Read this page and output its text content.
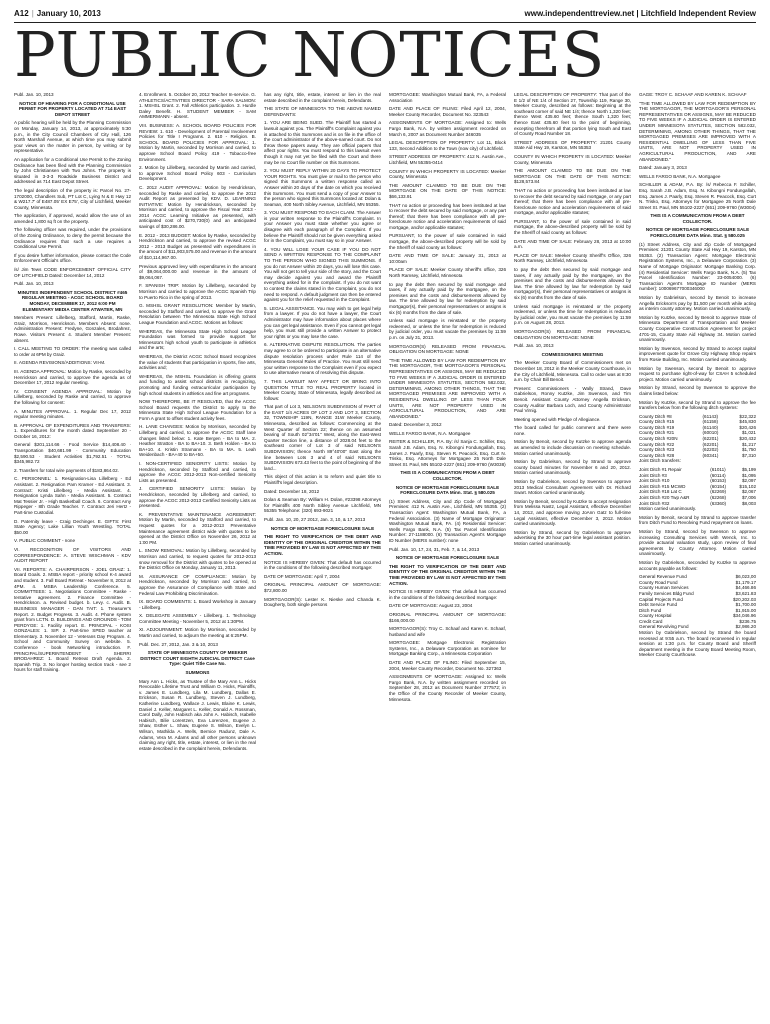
A12 | January 10, 2013	www.independenttreview.net | Litchfield Independent Review
PUBLIC NOTICES

Publ. Jan. 10, 2013

NOTICE OF HEARING FOR A CONDITIONAL USE PERMIT FOR PROPERTY LOCATED AT 714 EAST DEPOT STREET

A public hearing will be held by the Planning Commission on Monday, January 14, 2013, at approximately 5:30 p.m., in the City Council Chambers of City Hall, 126 North Marshall Avenue, at which time you may submit your views on the matter in person, by writing or by representative.

An application for a Conditional Use Permit to the Zoning Ordinance has been filed with the Planning Commission by John Christiansen with Two Johns. The property is situated in 3-3-3 Roadside Business District and addressed as 714 East Depot Street.

The legal description of the property is: Parcel No. 27-1702000, Chandlers Sub, PT Lot C, Lying N & E Hwy 12 & W217.7' of E487.05' EX E75', City of Litchfield, Meeker County, Minnesota.

The application, if approved, would allow the use of an amended 1,800 sq ft on the property.

The following officer was required, under the provisions of the Zoning Ordinance, to deny the permit because the Ordinance requires that such a use requires a Conditional Use Permit.

If you desire further information, please contact the Code Enforcement Official's office.

/s/ Jim Tews CODE ENFORCEMENT OFFICIAL CITY OF LITCHFIELD Dated: December 14, 2012

Publ. Jan. 10, 2013

MINUTES INDEPENDENT SCHOOL DISTRICT #465 REGULAR MEETING - ACGC SCHOOL BOARD MONDAY, DECEMBER 17, 2012 6:00 PM ELEMENTARY MEDIA CENTER ATWATER, MN

Members Present: Lillelberg, Stafford, Martin, Raske, Graiz, Morrison, Henrickson. Members Absent: none. Administration Present: Fredyne, Gonzales, Brodahrez, Rowe. Visitors Present: 4. Student Member Present: absent.

I. CALL MEETING TO ORDER: The meeting was called to order at 6PM by Graiz.

II. AGENDA REVISIONS/ADDITIONS: VII-M.

III. AGENDA APPROVAL: Motion by Raske, seconded by Henrickson and carried, to approve the agenda as of December 17, 2012 regular meeting.

IV. CONSENT AGENDA APPROVAL: Motion by Lillelberg, seconded by Raske and carried, to approve the following for consent:

A. MINUTES APPROVAL. 1. Regular Dec 17, 2012 regular meeting minutes.

B. APPROVAL OF EXPENDITURES AND TRANSFERS: 1. Expenditures for the month dated September 20 - October 16, 2012:

General $201,114.66 · Food Service $14,408.40 · Transportation $40,681.99 · Community Education $2,590.53 · Student Activities $1,792.51 · TOTAL $345,982.72

2. Transfers for total wire payments of $183,864.02.

C. PERSONNEL: 1. Resignation-Lisa Lillelberg - Ed Assistant. 2. Resignation Pam Kramer - Ed Assistant. 3. Contract: Kristi Lillelberg - Media Assistant. 4. Resignation Lynda Sahn - Media Assistant. 5. Contract Mat Tessier Jr. - High Basketball Coach. 6. Contract Amy Rippeger - 8th Grade Teacher. 7. Contract Jeri Hertz - Part-time Custodial.

D. Paternity leave - Craig Dechinger. E. GIFTS: First State Agency; Lake Lillian Youth Wrestling. TOTAL $50.00

V. PUBLIC COMMENT - none

VI. RECOGNITION OF VISITORS AND CORRESPONDENCE: A. STEVE WISCHMAN - KDV AUDIT REPORT

VII. REPORTS: A. CHAIRPERSON - JOEL GRAIZ: 1. Board Goals. 2. MSBA report - priority school K-4 award and student. 3. Fall Board Retreat - November 8, 2012 at 4PM. 4. MSBA Leadership Conference. 5. COMMITTEES: 1. Negotiations Committee - Raske - tentative agreement. 2. Finance Committee - Hendrickson. a. Revised budget. b. Levy. c. Audit. B. BUSINESS MANAGER - DAN TAIT: 1. Treasurer's Report. 2. Budget Progress. 3. Audit. 4. Phone system grant from LCTN. D. BUILDINGS AND GROUNDS - TOM PERDYGE: 1. Facility report. E. PRINCIPAL - KOSI GONZALES: 1. SIP. 2. Part-time SPED teacher at Elementary. 3. November 12 - Veterans Day Program. 4. School and Community Survey on website. 5. Conference - book Networking introduction. F. PRINCIPAL/SUPERINTENDENT - SHERRI BRODAHREZ: 1. Board Retreat Draft Agenda. 2. Spanish Trip. 3. No longer hosting section track - see 2 hours for staff training.

4. Enrollment. 5. October 20, 2012 Teacher In-service. G. ATHLETICS/ACTIVITIES DIRECTOR - SARA SALMON: 1. MSHSL Grant. 2. Fall Athletics participation. 3. Hurdle Daley Benefit. H. STUDENT MEMBER - SAM AMMERMANN - absent.

VIII. BUSINESS: A. SCHOOL BOARD POLICIES FOR REVIEW: 1. 610 - Development of Parental Involvement Policies for Title I Programs. 2. 610 - Religion. B. SCHOOL BOARD POLICIES FOR APPROVAL: 1. Motion by Martin, seconded by Morrison and carried, to approve School Board Policy 419 - Tobacco-free Environment.

2. Motion by Lillelberg, seconded by Martin and carried, to approve School Board Policy 603 - Curriculum Development.

C. 2012 AUDIT APPROVAL: Motion by Hendrickson, seconded by Raske and carried, to approve the 2012 Audit Report as presented by KDV. D. LEARNING INITIATIVE: Motion by Hendrickson, seconded by Morrison and carried, to approve the Fiscal Year 2013 - 2014 ACGC Learning Initiative as presented, with anticipated cost of $270,730(0) and an anticipated savings of $30,286.00.

E. 2012 - 2013 BUDGET: Motion by Raske, seconded by Hendrickson and carried, to approve the revised ACGC 2012 - 2013 Budget as presented with expenditures in the amount of $11,903,575.00 and revenue in the amount of $10,114,967.00.

Previous approved levy with expenditures in the amount of $9,064,000.00 and revenue in the amount of $9,064,067.

F. SPANISH TRIP: Motion by Lillelberg, seconded by Morrison and carried to approve the ACGC Spanish Trip to Puerto Rico in the spring of 2013.

G. MSHSL GRANT RESOLUTION: Member by Martin, seconded by Stafford and carried, to approve the Grant Resolution between The Minnesota State High School League Foundation and ACGC. Motions as follows:

WHEREAS, the Minnesota State High School League Foundation was formed to provide support for Minnesota's high school youth to participate in athletics and the arts;

WHEREAS, the District ACGC School Board recognizes the value of students that participation in sports, fine arts, activities and;

WHEREAS, the MSHSL Foundation is offering grants and funding to assist school districts in recognizing, promoting and funding extracurricular participation by high school students in athletics and fine art programs.

NOW THEREFORE, BE IT RESOLVED, that the ACGC School Board requests the District to apply to the Minnesota State High School League Foundation for a Form A grant to offset student activity fees.

H. LANE CHANGES: Motion by Morrison, seconded by Lillelberg and carried, to approve the ACGC Staff lane changes listed below: 1. Kate Bergen - BA to MA. 2. Heather Stratton - BA to BA+10. 3. Beth Holden - BA to BA+10. 4. Kristin Stramann - BA to MA. 5. Leah Weidenbach - BA+40 to BA+50.

I. NON-CERTIFIED SENIORITY LISTS: Motion by Hendrickson, seconded by Stafford and carried, to approve the ACGC 2012-2013 Non-certified Seniority Lists as presented.

J. CERTIFIED SENIORITY LISTS: Motion by Hendrickson, seconded by Lillelberg and carried, to approve the ACGC 2012-2013 Certified Seniority Lists as presented.

K. PREVENTATIVE MAINTENANCE AGREEMENT: Motion by Martin, seconded by Stafford and carried, to request quotes for a 2012-2013 Preventative Maintenance agreement district wide with quotes to be opened at the District Office on November 26, 2012 at 1:00 PM.

L. SNOW REMOVAL: Motion by Lillelberg, seconded by Morrison and carried, to request quotes for 2012-2013 snow removal for the District with quotes to be opened at the District Office on Monday, January 11, 2013.

M. ASSURANCE OF COMPLIANCE: Motion by Hendrickson, seconded by Morrison and carried, to approve the Assurance of Compliance with State and Federal Law Prohibiting Discrimination.

IX. BOARD COMMENTS: 1. Board Workshop in January - Lillelberg.

X. DELEGATE ASSEMBLY - Lillelberg. 1. Technology Committee Meeting - November 5, 2012 at 1:30PM.

XI. ADJOURNMENT: Motion by Morrison, seconded by Martin and carried, to adjourn the meeting at 6:25PM.

Publ. Dec. 27, 2012, Jan. 3 & 10, 2013

STATE OF MINNESOTA COUNTY OF MEEKER DISTRICT COURT EIGHTH JUDICIAL DISTRICT Case Type: Quiet Title Case No.

SUMMONS

Mary Ann L. Hicks, as Trustee of the Mary Ann L. Hicks Revocable Lifetime Trust and William O. Hicks, Plaintiffs, v. James E. Lundberg, Lila M. Lundberg, Dallas E. Erickson, Susan R. Lundberg, Steven J. Lundberg, Katherine Lundberg, Wallace J. Lewis, Blaine K. Lewis, Daniel J. Keller, Margaret L. Keller, Donald A. Rossman, Carol Dally, John Habisch aka John A. Habisch, Isabelle Habisch, Bilie Lorentzen, Eva Lorenzen, Eugene J. Shaw, Esther L. Shaw, Eugene S. Wilson, Evelyn L. Wilson, Mathilda A. Wells, Bernice Radunz, Dale A. Adams, Vera M. Adams and all other persons unknown claiming any right, title, estate, interest, or lien in the real estate described in the complaint herein, Defendants.

has any right, title, estate, interest or lien in the real estate described in the complaint herein, Defendants.

THE STATE OF MINNESOTA TO THE ABOVE NAMED DEFENDANTS:

1. YOU ARE BEING SUED. The Plaintiff has started a lawsuit against you. The Plaintiff's Complaint against you is attached to this Summons and is on file in the office of the court administrator of the above-named court. Do not throw these papers away. They are official papers that affect your rights. You must respond to this lawsuit even though it may not yet be filed with the Court and there may be no Court file number on this Summons.

2. YOU MUST REPLY WITHIN 20 DAYS TO PROTECT YOUR RIGHTS. You must give or mail to the person who signed this Summons a written response called an Answer within 20 days of the date on which you received this Summons. You must send a copy of your Answer to the person who signed this Summons located at: Dolan & Seaman, 400 North Sibley Avenue, Litchfield, MN 55355.

3. YOU MUST RESPOND TO EACH CLAIM. The Answer is your written response to the Plaintiff's Complaint. In your Answer you must state whether you agree or disagree with each paragraph of the Complaint. If you believe the Plaintiff should not be given everything asked for in the Complaint, you must say so in your Answer.

4. YOU WILL LOSE YOUR CASE IF YOU DO NOT SEND A WRITTEN RESPONSE TO THE COMPLAINT TO THE PERSON WHO SIGNED THIS SUMMONS. If you do not Answer within 20 days, you will lose this case. You will not get to tell your side of the story, and the Court may decide against you and award the Plaintiff everything asked for in the complaint. If you do not want to contest the claims stated in the Complaint, you do not need to respond. A default judgment can then be entered against you for the relief requested in the Complaint.

5. LEGAL ASSISTANCE. You may wish to get legal help from a lawyer. If you do not have a lawyer, the Court Administrator may have information about places where you can get legal assistance. Even if you cannot get legal help, you must still provide a written Answer to protect your rights or you may lose the case.

6. ALTERNATIVE DISPUTE RESOLUTION. The parties may agree to or be ordered to participate in an alternative dispute resolution process under Rule 114 of the Minnesota General Rules of Practice. You must still send your written response to the Complaint even if you expect to use alternative means of resolving this dispute.

7. THIS LAWSUIT MAY AFFECT OR BRING INTO QUESTION TITLE TO REAL PROPERTY located in Meeker County, State of Minnesota, legally described as follows:

That part of Lot 3, NELSON'S SUBDIVISION of PART of the EAST 1/4 ACRES OF LOT 2 AND LOT 3, SECTION 32, TOWNSHIP 119N, RANGE 31W Meeker County, Minnesota, described as follows: Commencing at the West Quarter of Section 22; thence on an assumed bearing of South 02°34'01" West, along the East-West Quarter Section line, a distance of 2028.04 feet to the southeast corner of Lot 3 of said NELSON'S SUBDIVISION; thence North 89°40'00" East along the line between Lots 3 and 4 of said NELSON'S SUBDIVISION 673.43 feet to the point of beginning of the land...

This object of this action is to reform and quiet title to Plaintiff's legal description.

Dated: December 18, 2012

Dolan & Seaman By: William H. Dolan, #23398 Attorneys for Plaintiffs 400 North Sibley Avenue Litchfield, MN 55355 Telephone: (320) 693-9021

Publ. Jan. 10, 20, 27 2012, Jan. 3, 10, & 17, 2013

NOTICE OF MORTGAGE FORECLOSURE SALE

THE RIGHT TO VERIFICATION OF THE DEBT AND IDENTITY OF THE ORIGINAL CREDITOR WITHIN THE TIME PROVIDED BY LAW IS NOT AFFECTED BY THIS ACTION.

NOTICE IS HEREBY GIVEN: That default has occurred in the conditions of the following described mortgage:

DATE OF MORTGAGE: April 7, 2004

ORIGINAL PRINCIPAL AMOUNT OF MORTGAGE: $72,800.00

MORTGAGOR(S): Lester K. Nieske and Chanda K. Dougherty, both single persons

MORTGAGEE: Washington Mutual Bank, FA, a Federal Association

DATE AND PLACE OF FILING: Filed April 12, 2004, Meeker County Recorder, Document No. 323543

ASSIGNMENTS OF MORTGAGE: Assigned to: Wells Fargo Bank, N.A. by written assignment recorded on March 6, 2007 as Document Number 346035

LEGAL DESCRIPTION OF PROPERTY: Lot 11, Block 133, Second Addition to the Town (now city) of Litchfield.

STREET ADDRESS OF PROPERTY: 412 N. Austin Ave., Litchfield, MN 55355-0414

COUNTY IN WHICH PROPERTY IS LOCATED: Meeker County, Minnesota

THE AMOUNT CLAIMED TO BE DUE ON THE MORTGAGE ON THE DATE OF THIS NOTICE: $66,133.91

THAT no action or proceeding has been instituted at law to recover the debt secured by said mortgage, or any part thereof; that there has been compliance with all pre-foreclosure notice and acceleration requirements of said mortgage, and/or applicable statutes;

PURSUANT, to the power of sale contained in said mortgage, the above-described property will be sold by the Sheriff of said county as follows:

DATE AND TIME OF SALE: January 31, 2013 at 10:00am

PLACE OF SALE: Meeker County Sheriff's office, 326 North Ramsey, Litchfield, Minnesota

to pay the debt then secured by said mortgage and taxes, if any actually paid by the mortgagee, on the premises and the costs and disbursements allowed by law. The time allowed by law for redemption by said mortgagor(s), their personal representatives or assigns is six (6) months from the date of sale.

Unless said mortgage is reinstated or the property redeemed, or unless the time for redemption is reduced by judicial order, you must vacate the premises by 11:59 p.m. on July 31, 2013.

MORTGAGOR(S) RELEASED FROM FINANCIAL OBLIGATION ON MORTGAGE: NONE

"THE TIME ALLOWED BY LAW FOR REDEMPTION BY THE MORTGAGOR, THE MORTGAGOR'S PERSONAL REPRESENTATIVES OR ASSIGNS, MAY BE REDUCED TO FIVE WEEKS IF A JUDICIAL ORDER IS ENTERED UNDER MINNESOTA STATUTES, SECTION 582.032, DETERMINING, AMONG OTHER THINGS, THAT THE MORTGAGED PREMISES ARE IMPROVED WITH A RESIDENTIAL DWELLING OF LESS THAN FOUR UNITS, ARE NOT PROPERTY USED IN AGRICULTURAL PRODUCTION, AND ARE ABANDONED."

Dated: December 3, 2012

WELLS FARGO BANK, N.A. Mortgagee

REITER & SCHILLER, P.A. By: /s/ Sanja C. Schiller, Esq. Sarah J.B. Adam, Esq. N. Kibongni Fondungallah, Esq. James J. Paarly, Esq. Steven R. Peacock, Esq. Curt N. Trisko, Esq. Attorneys for Mortgagee 25 North Dale Street St. Paul, MN 55102-2227 (651) 209-9760 (W3038)

THIS IS A COMMUNICATION FROM A DEBT COLLECTOR.

NOTICE OF MORTGAGE FORECLOSURE SALE FORECLOSURE DATA Minn. Stat. § 580.025

(1) Street Address, City and Zip Code of Mortgaged Premises: 412 N. Austin Ave., Litchfield, MN 55355. (2) Transaction Agent: Washington Mutual Bank, FA, a Federal Association. (3) Name of Mortgage Originator: Washington Mutual Bank, FA. (4) Residential Servicer: Wells Fargo Bank, N.A. (5) Tax Parcel Identification Number: 27-1188000. (6) Transaction Agent's Mortgage ID Number (MERS number): none

Publ. Jan. 10, 17, 24, 31, Feb. 7, & 14, 2013

NOTICE OF MORTGAGE FORECLOSURE SALE

THE RIGHT TO VERIFICATION OF THE DEBT AND IDENTITY OF THE ORIGINAL CREDITOR WITHIN THE TIME PROVIDED BY LAW IS NOT AFFECTED BY THIS ACTION.

NOTICE IS HEREBY GIVEN: That default has occurred in the conditions of the following described mortgage:

DATE OF MORTGAGE: August 23, 2004

ORIGINAL PRINCIPAL AMOUNT OF MORTGAGE: $166,000.00

MORTGAGOR(S): Troy C. Schaaf and Karen K. Schaaf, husband and wife

MORTGAGEE: Mortgage Electronic Registration Systems, Inc., a Delaware Corporation as nominee for Mortgage Banking Corp., a Minnesota Corporation

DATE AND PLACE OF FILING: Filed September 15, 2004, Meeker County Recorder, Document No. 327363

ASSIGNMENTS OF MORTGAGE: Assigned to: Wells Fargo Bank, N.A. by written assignment recorded on September 28, 2012 as Document Number 377572; in the Office of the County Recorder of Meeker County, Minnesota.

LEGAL DESCRIPTION OF PROPERTY: That part of the E 1/2 of NE 1/4 of Section 27, Township 119, Range 30, Meeker County, described as follows: Beginning at the southeast corner of said NE 1/4; thence North 1,320 feet; thence West 435.60 feet; thence South 1,320 feet; thence East 435.60 feet to the point of beginning, excepting therefrom all that portion lying South and East of County Road Number 18.

STREET ADDRESS OF PROPERTY: 21201 County State Aid Hwy 19, Karston, MN 55353

COUNTY IN WHICH PROPERTY IS LOCATED: Meeker County, Minnesota

THE AMOUNT CLAIMED TO BE DUE ON THE MORTGAGE ON THE DATE OF THIS NOTICE: $128,573.84

THAT no action or proceeding has been instituted at law to recover the debt secured by said mortgage, or any part thereof; that there has been compliance with all pre-foreclosure notice and acceleration requirements of said mortgage, and/or applicable statutes;

PURSUANT, to the power of sale contained in said mortgage, the above-described property will be sold by the Sheriff of said county as follows:

DATE AND TIME OF SALE: February 28, 2013 at 10:00 a.m.

PLACE OF SALE: Meeker County Sheriff's Office, 326 North Ramsey, Litchfield, Minnesota

to pay the debt then secured by said mortgage and taxes, if any actually paid by the mortgagee, on the premises and the costs and disbursements allowed by law. The time allowed by law for redemption by said mortgagor(s), their personal representatives or assigns is six (6) months from the date of sale.

Unless said mortgage is reinstated or the property redeemed, or unless the time for redemption is reduced by judicial order, you must vacate the premises by 11:59 p.m. on August 28, 2013.

MORTGAGOR(S) RELEASED FROM FINANCIAL OBLIGATION ON MORTGAGE: NONE

Publ. Jan. 10, 2013

COMMISSIONERS MEETING

The Meeker County Board of Commissioners met on December 18, 2012 in the Meeker County Courthouse, in the City of Litchfield, Minnesota. Call to order was at 8:30 a.m. by Chair Bill Benoit.

Present: Commissioners - Wally Strand, Dave Gabrielson, Ronny Kutzke, Jim Swenson, and Tim Benoit. Assistant County Attorney Angella Erickson, County Auditor Barbara Loch, and County Administrator Paul Virnig.

Meeting opened with Pledge of Allegiance.

The board called for public comment and there were none.

Motion by Benoit, second by Kutzke to approve agenda as amended to include discussion on meeting schedule. Motion carried unanimously.

Motion by Gabrielson, second by Strand to approve county board minutes for November 6 and 20, 2012. Motion carried unanimously.

Motion by Gabrielson, second by Swenson to approve 2013 Medical Consultant Agreement with Dr. Richard Swart. Motion carried unanimously.

Motion by Benoit, second by Kutzke to accept resignation from Melissa Nastz, Legal Assistant, effective December 14, 2012, and approve moving JoAnn Gatz to full-time Legal Assistant, effective December 3, 2012. Motion carried unanimously.

Motion by Strand, second by Gabrielson to approve advertising the 30 hour part-time legal assistant position. Motion carried unanimously.

GAGE: TROY C. SCHAAF AND KAREN K. SCHAAF

"THE TIME ALLOWED BY LAW FOR REDEMPTION BY THE MORTGAGOR, THE MORTGAGOR'S PERSONAL REPRESENTATIVES OR ASSIGNS, MAY BE REDUCED TO FIVE WEEKS IF A JUDICIAL ORDER IS ENTERED UNDER MINNESOTA STATUTES, SECTION 582.032, DETERMINING, AMONG OTHER THINGS, THAT THE MORTGAGED PREMISES ARE IMPROVED WITH A RESIDENTIAL DWELLING OF LESS THAN FIVE UNITS, ARE NOT PROPERTY USED IN AGRICULTURAL PRODUCTION, AND ARE ABANDONED."

Dated: January 3, 2013

WELLS FARGO BANK, N.A. Mortgagee

SCHILLER & ADAM, P.A. By: /s/ Rebecca F. Schiller, Esq. Sarah J.B. Adam, Esq. N. Kibongni Fondungallah, Esq. James J. Paarly, Esq. Steven R. Peacock, Esq. Curt N. Trisko, Esq. Attorneys for Mortgagee 25 North Dale Street St. Paul, MN 55102-2227 (651) 209-9760 (W3004)

THIS IS A COMMUNICATION FROM A DEBT COLLECTOR.

NOTICE OF MORTGAGE FORECLOSURE SALE FORECLOSURE DATA Minn. Stat. § 580.025

(1) Street Address, City and Zip Code of Mortgaged Premises: 21201 County State Aid Hwy 19, Karston, MN 55353. (2) Transaction Agent: Mortgage Electronic Registration Systems, Inc., a Delaware Corporation. (3) Name of Mortgage Originator: Mortgage Banking Corp. (4) Residential Servicer: Wells Fargo Bank, N.A. (5) Tax Parcel Identification Number: 23-0054000. (6) Transaction Agent's Mortgage ID Number (MERS number): 100069677000346000

Motion by Gabrielson, second by Benoit to increase Angella Erickson's pay by $1,500 per month while acting as interim county attorney. Motion carried unanimously.

Motion by Kutzke, second by Benoit to approve State of Minnesota Department of Transportation and Meeker County Cooperative Construction Agreement for project 4701-15, County State Aid Highway 34. Motion carried unanimously.

Motion by Swenson, second by Strand to accept capital improvement quote for Grove City Highway Shop repairs from Rosie Building, Inc. Motion carried unanimously.

Motion by Swenson, second by Benoit to approve request to purchase right-of-way for CSAH 5 scheduled project. Motion carried unanimously.

Motion by Strand, second by Swenson to approve the claims listed below:

Motion by Kutzke, second by Strand to approve the fee transfers below from the following ditch systems:

County Ditch #8	(61143)	$22,322
County Ditch #15	(61158)	$45,830
County Ditch #19	(61140)	$20,426
County Ditch #21	(60010)	$1,021
County Ditch #20N	(62201)	$20,432
County Ditch #22	(62201)	$1,217
County Ditch #23	(62202)	$1,750
County Ditch #28	(60341)	$7,310

Joint Ditch transfers:

Joint Ditch #1 Repair	(61011)	$5,199
Joint Ditch #3	(60114)	$1,095
Joint Ditch #10	(60153)	$2,097
Joint Ditch #15 MCWD	(60154)	$15,102
Joint Ditch #18 Lat C	(62269)	$2,067
Joint Ditch #20 Twp A&R	(62268)	$7,006
Joint Ditch #32	(63360)	$8,003

Motion carried unanimously.

Motion by Benoit, second by Strand to approve transfer from Ditch Fund to Revolving Fund repayment on loans.

Motion by Strand, second by Swenson to approve increasing Consulting Services with Wenck, Inc. to provide actuarial valuation study, upon review of final agreements by County Attorney. Motion carried unanimously.

Motion by Gabrielson, seconded by Kutzke to approve accounts payable as follows:

General Revenue Fund	$6,023,00
County Road Fund	$1,179.17
County Human Services	$4,466.86
Family Services Bldg Fund	$3,621.83
Capital Projects Fund	$20,202.03
Debt Service Fund	$1,700.00
Ditch Fund	$1,915.00
County Hospital	$34,046.96
Credit Card	$236.75
General Revolving Fund	$2,986.20

Motion by Gabrielson, second by Strand the board recessed at 9:55 a.m. The board reconvened in regular session at 1:30 p.m. for County Board and Sheriff department meeting in the County Board Meeting Room, Meeker County Courthouse.
